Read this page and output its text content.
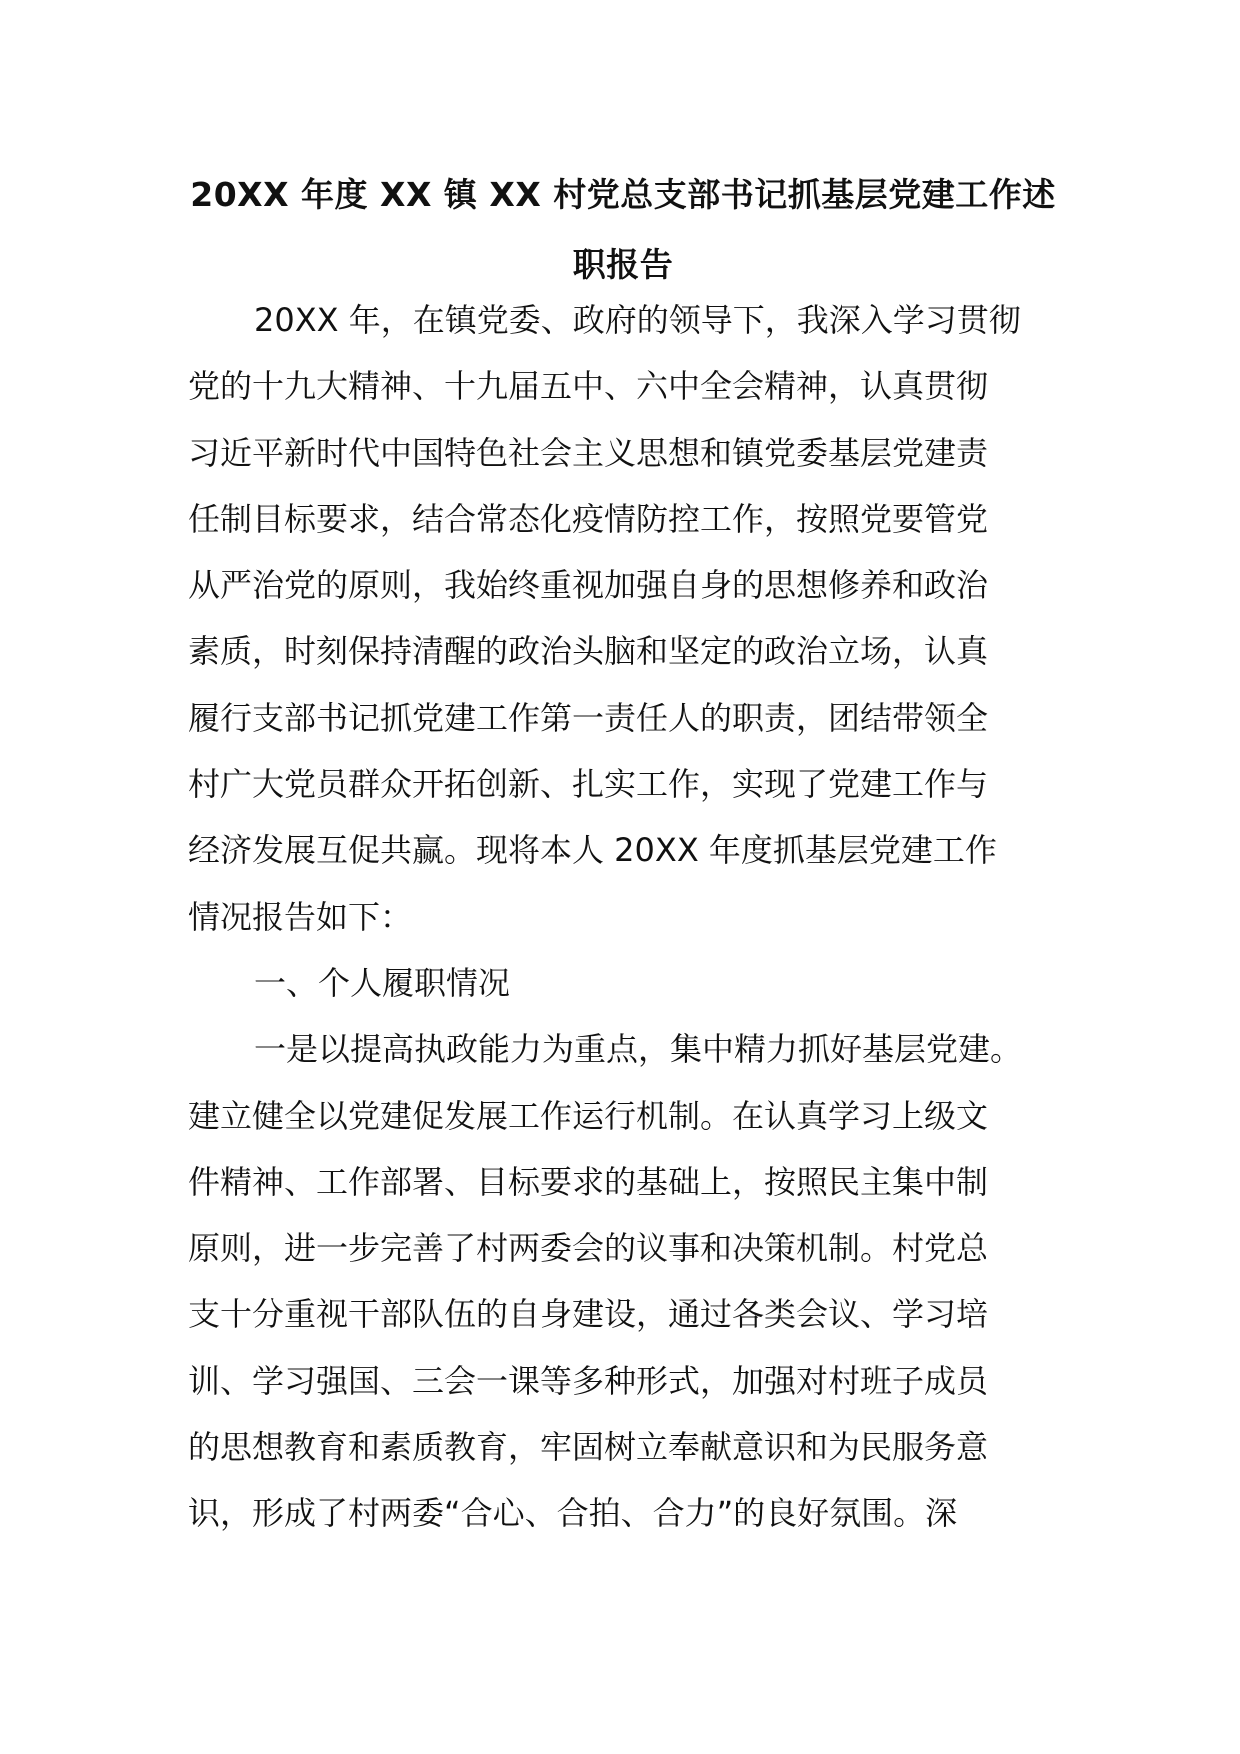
20XX 年度 XX 镇 XX 村党总支部书记抓基层党建工作述
职报告
20XX 年，在镇党委、政府的领导下，我深入学习贯彻
党的十九大精神、十九届五中、六中全会精神，认真贯彻
习近平新时代中国特色社会主义思想和镇党委基层党建责
任制目标要求，结合常态化疫情防控工作，按照党要管党
从严治党的原则，我始终重视加强自身的思想修养和政治
素质，时刻保持清醒的政治头脑和坚定的政治立场，认真
履行支部书记抓党建工作第一责任人的职责，团结带领全
村广大党员群众开拓创新、扎实工作，实现了党建工作与
经济发展互促共赢。现将本人 20XX 年度抓基层党建工作
情况报告如下：
一、个人履职情况
一是以提高执政能力为重点，集中精力抓好基层党建。
建立健全以党建促发展工作运行机制。在认真学习上级文
件精神、工作部署、目标要求的基础上，按照民主集中制
原则，进一步完善了村两委会的议事和决策机制。村党总
支十分重视干部队伍的自身建设，通过各类会议、学习培
训、学习强国、三会一课等多种形式，加强对村班子成员
的思想教育和素质教育，牢固树立奉献意识和为民服务意
识，形成了村两委“合心、合拍、合力”的良好氛围。深
